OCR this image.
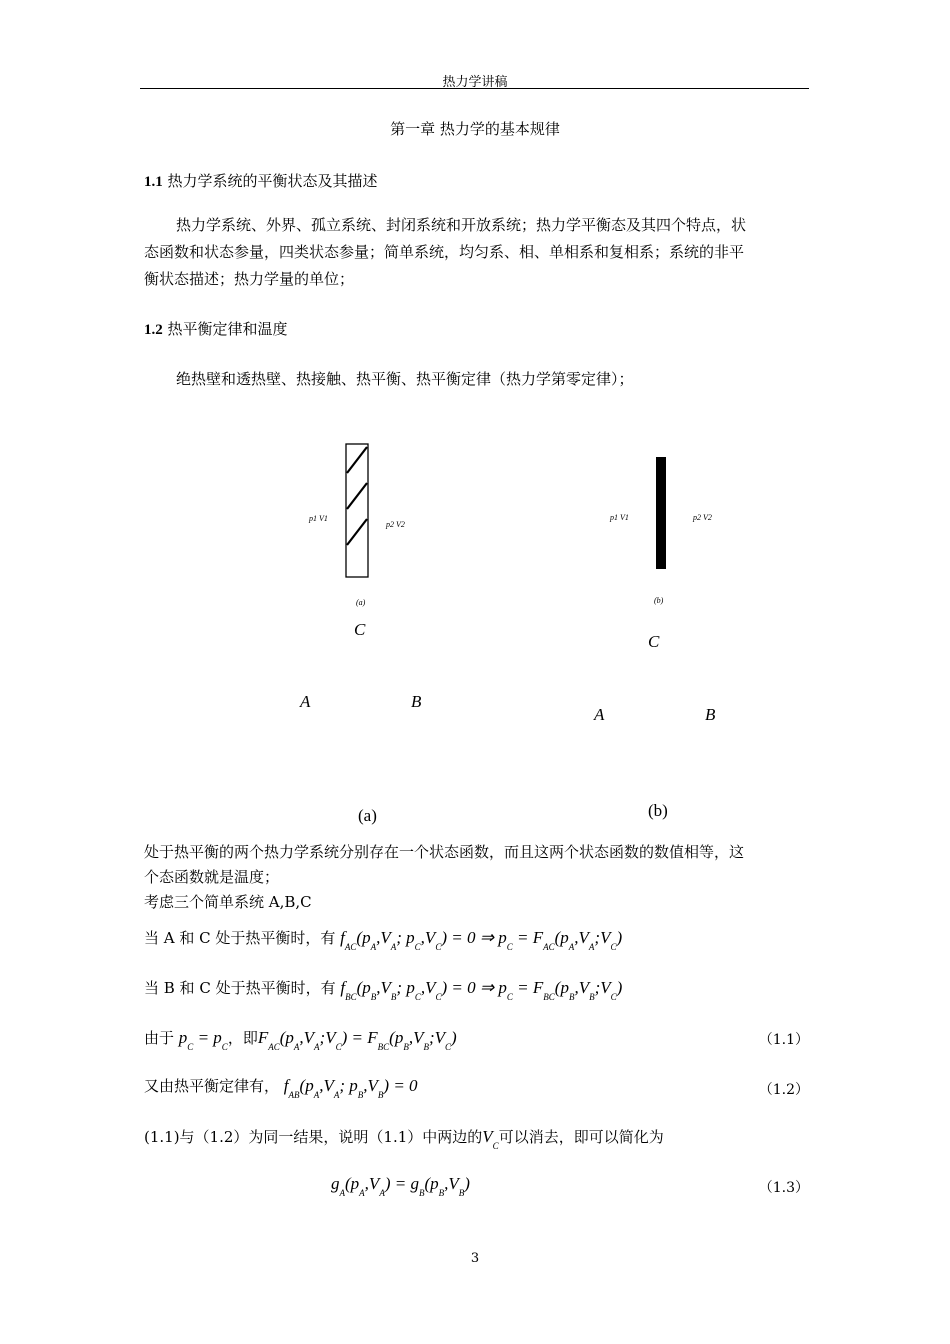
热力学讲稿
第一章 热力学的基本规律
1.1 热力学系统的平衡状态及其描述
热力学系统、外界、孤立系统、封闭系统和开放系统；热力学平衡态及其四个特点，状
态函数和状态参量，四类状态参量；简单系统，均匀系、相、单相系和复相系；系统的非平
衡状态描述；热力学量的单位；
1.2 热平衡定律和温度
绝热壁和透热壁、热接触、热平衡、热平衡定律（热力学第零定律）；
p1 V1
p2 V2
(a)
C
A	B
(a)
p1 V1	p2 V2
(b)
C
A	B
(b)
处于热平衡的两个热力学系统分别存在一个状态函数，而且这两个状态函数的数值相等，这
个态函数就是温度；
考虑三个简单系统 A,B,C
当 A 和 C 处于热平衡时，有 $f_{AC}(p_A,V_A$; $p_C,V_C) = 0$ ⇒ $p_C$ = $F_{AC}(p_A,V_A;V_C)$
当 B 和 C 处于热平衡时，有 $f_{BC}(p_B,V_B$; $p_C,V_C) = 0$ ⇒ $p_C$ = $F_{BC}(p_B,V_B;V_C)$
由于 $p_C = p_C$，即$F_{AC}(p_A,V_A;V_C)$ = $F_{BC}(p_B,V_B;V_C)$	（1.1）
又由热平衡定律有， $f_{AB}(p_A,V_A$; $p_B,V_B) = 0$	（1.2）
(1.1)与（1.2）为同一结果，说明（1.1）中两边的$V_C$可以消去，即可以简化为
$g_A(p_A,V_A) = g_B(p_B,V_B)$	（1.3）
3
